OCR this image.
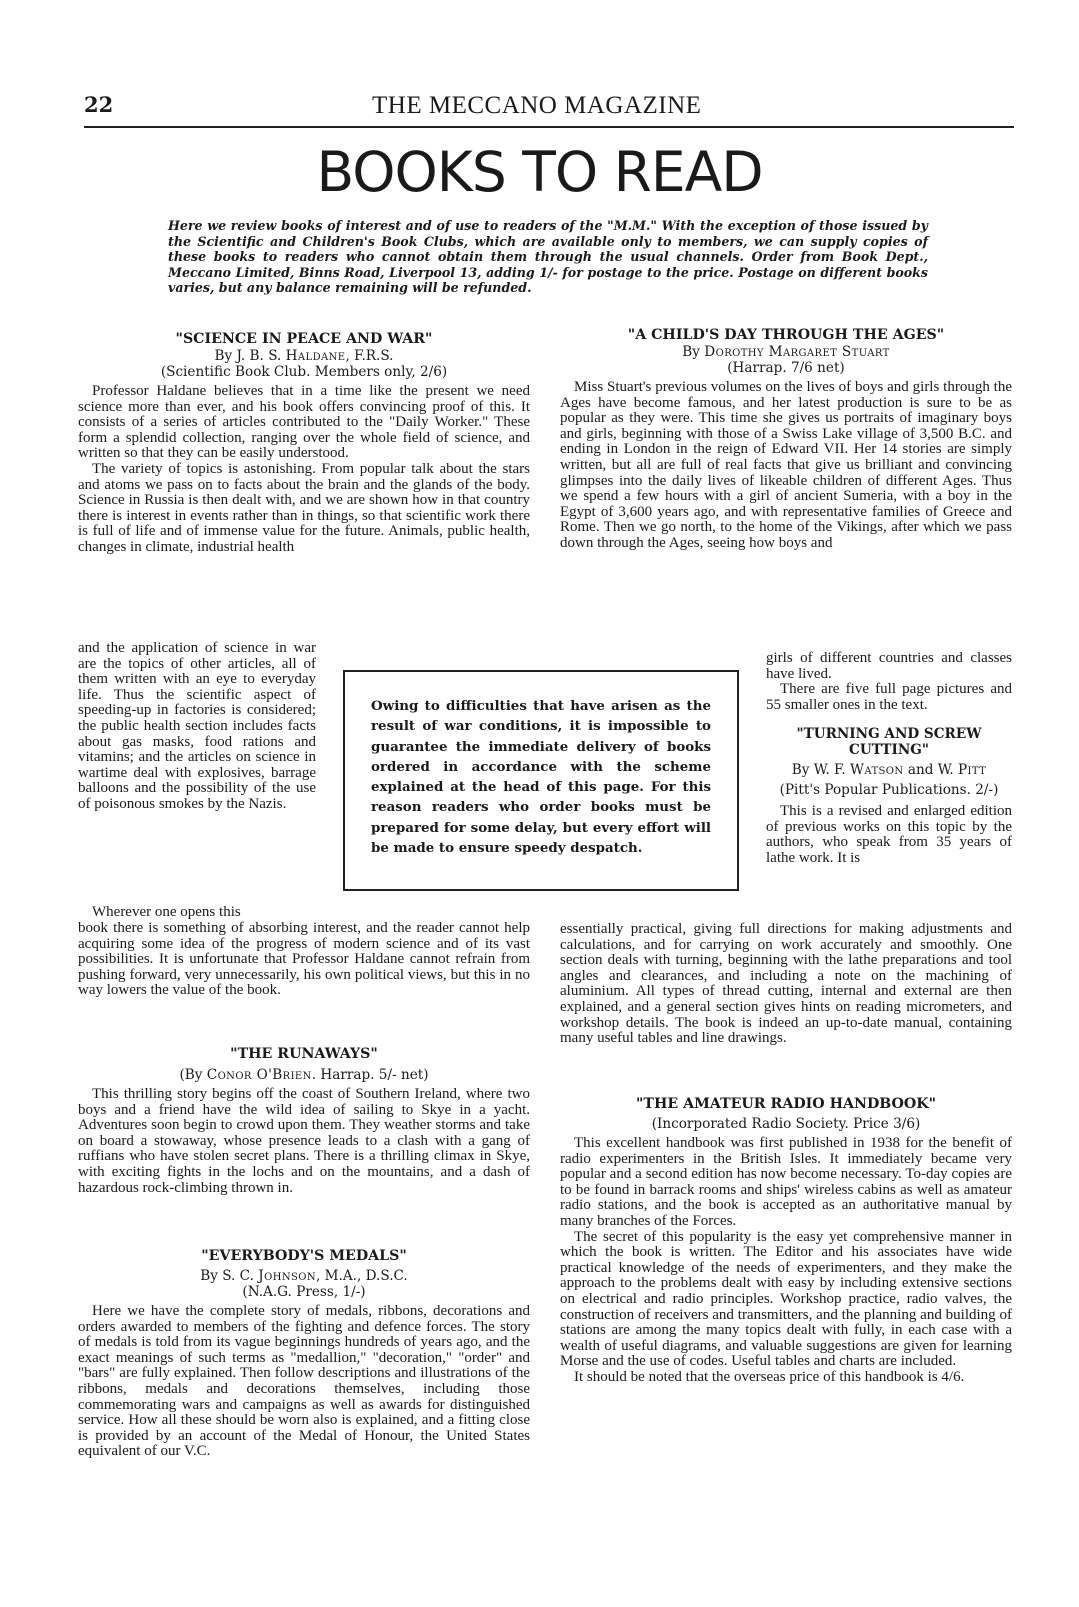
22	THE MECCANO MAGAZINE
BOOKS TO READ
Here we review books of interest and of use to readers of the "M.M." With the exception of those issued by the Scientific and Children's Book Clubs, which are available only to members, we can supply copies of these books to readers who cannot obtain them through the usual channels. Order from Book Dept., Meccano Limited, Binns Road, Liverpool 13, adding 1/- for postage to the price. Postage on different books varies, but any balance remaining will be refunded.
"SCIENCE IN PEACE AND WAR"
By J. B. S. Haldane, F.R.S.
(Scientific Book Club. Members only, 2/6)

Professor Haldane believes that in a time like the present we need science more than ever, and his book offers convincing proof of this. It consists of a series of articles contributed to the "Daily Worker." These form a splendid collection, ranging over the whole field of science, and written so that they can be easily understood.

The variety of topics is astonishing. From popular talk about the stars and atoms we pass on to facts about the brain and the glands of the body. Science in Russia is then dealt with, and we are shown how in that country there is interest in events rather than in things, so that scientific work there is full of life and of immense value for the future. Animals, public health, changes in climate, industrial health

and the application of science in war are the topics of other articles, all of them written with an eye to everyday life. Thus the scientific aspect of speeding-up in factories is considered; the public health section includes facts about gas masks, food rations and vitamins; and the articles on science in wartime deal with explosives, barrage balloons and the possibility of the use of poisonous smokes by the Nazis.

Wherever one opens this

book there is something of absorbing interest, and the reader cannot help acquiring some idea of the progress of modern science and of its vast possibilities. It is unfortunate that Professor Haldane cannot refrain from pushing forward, very unnecessarily, his own political views, but this in no way lowers the value of the book.
"THE RUNAWAYS"
(By Conor O'Brien. Harrap. 5/- net)

This thrilling story begins off the coast of Southern Ireland, where two boys and a friend have the wild idea of sailing to Skye in a yacht. Adventures soon begin to crowd upon them. They weather storms and take on board a stowaway, whose presence leads to a clash with a gang of ruffians who have stolen secret plans. There is a thrilling climax in Skye, with exciting fights in the lochs and on the mountains, and a dash of hazardous rock-climbing thrown in.

"EVERYBODY'S MEDALS"
By S. C. Johnson, M.A., D.S.C.
(N.A.G. Press, 1/-)

Here we have the complete story of medals, ribbons, decorations and orders awarded to members of the fighting and defence forces. The story of medals is told from its vague beginnings hundreds of years ago, and the exact meanings of such terms as "medallion," "decoration," "order" and "bars" are fully explained. Then follow descriptions and illustrations of the ribbons, medals and decorations themselves, including those commemorating wars and campaigns as well as awards for distinguished service. How all these should be worn also is explained, and a fitting close is provided by an account of the Medal of Honour, the United States equivalent of our V.C.

Owing to difficulties that have arisen as the result of war conditions, it is impossible to guarantee the immediate delivery of books ordered in accordance with the scheme explained at the head of this page. For this reason readers who order books must be prepared for some delay, but every effort will be made to ensure speedy despatch.
"A CHILD'S DAY THROUGH THE AGES"
By Dorothy Margaret Stuart
(Harrap. 7/6 net)

Miss Stuart's previous volumes on the lives of boys and girls through the Ages have become famous, and her latest production is sure to be as popular as they were. This time she gives us portraits of imaginary boys and girls, beginning with those of a Swiss Lake village of 3,500 B.C. and ending in London in the reign of Edward VII. Her 14 stories are simply written, but all are full of real facts that give us brilliant and convincing glimpses into the daily lives of likeable children of different Ages. Thus we spend a few hours with a girl of ancient Sumeria, with a boy in the Egypt of 3,600 years ago, and with representative families of Greece and Rome. Then we go north, to the home of the Vikings, after which we pass down through the Ages, seeing how boys and

girls of different countries and classes have lived.

There are five full page pictures and 55 smaller ones in the text.

"TURNING AND SCREW CUTTING"
By W. F. Watson and W. Pitt
(Pitt's Popular Publications. 2/-)

This is a revised and enlarged edition of previous works on this topic by the authors, who speak from 35 years of lathe work. It is

essentially practical, giving full directions for making adjustments and calculations, and for carrying on work accurately and smoothly. One section deals with turning, beginning with the lathe preparations and tool angles and clearances, and including a note on the machining of aluminium. All types of thread cutting, internal and external are then explained, and a general section gives hints on reading micrometers, and workshop details. The book is indeed an up-to-date manual, containing many useful tables and line drawings.
"THE AMATEUR RADIO HANDBOOK"
(Incorporated Radio Society. Price 3/6)

This excellent handbook was first published in 1938 for the benefit of radio experimenters in the British Isles. It immediately became very popular and a second edition has now become necessary. To-day copies are to be found in barrack rooms and ships' wireless cabins as well as amateur radio stations, and the book is accepted as an authoritative manual by many branches of the Forces.

The secret of this popularity is the easy yet comprehensive manner in which the book is written. The Editor and his associates have wide practical knowledge of the needs of experimenters, and they make the approach to the problems dealt with easy by including extensive sections on electrical and radio principles. Workshop practice, radio valves, the construction of receivers and transmitters, and the planning and building of stations are among the many topics dealt with fully, in each case with a wealth of useful diagrams, and valuable suggestions are given for learning Morse and the use of codes. Useful tables and charts are included.

It should be noted that the overseas price of this handbook is 4/6.
